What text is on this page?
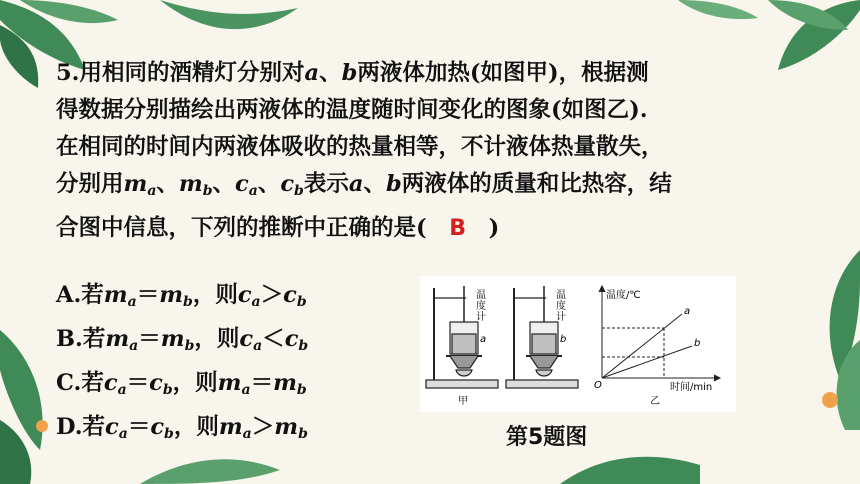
5.用相同的酒精灯分别对a、b两液体加热(如图甲)，根据测
得数据分别描绘出两液体的温度随时间变化的图象(如图乙).
在相同的时间内两液体吸收的热量相等，不计液体热量散失，
分别用$m_a$、$m_b$、$c_a$、$c_b$表示a、b两液体的质量和比热容，结
合图中信息，下列的推断中正确的是( B )
A.若$m_a=m_b$，则$c_a>c_b$
B.若$m_a=m_b$，则$c_a<c_b$
C.若$c_a=c_b$，则$m_a=m_b$
D.若$c_a=c_b$，则$m_a>m_b$
温
度
计
a
甲
温
度
计
b
温度/℃
时间/min
O
a
b
乙
第5题图
